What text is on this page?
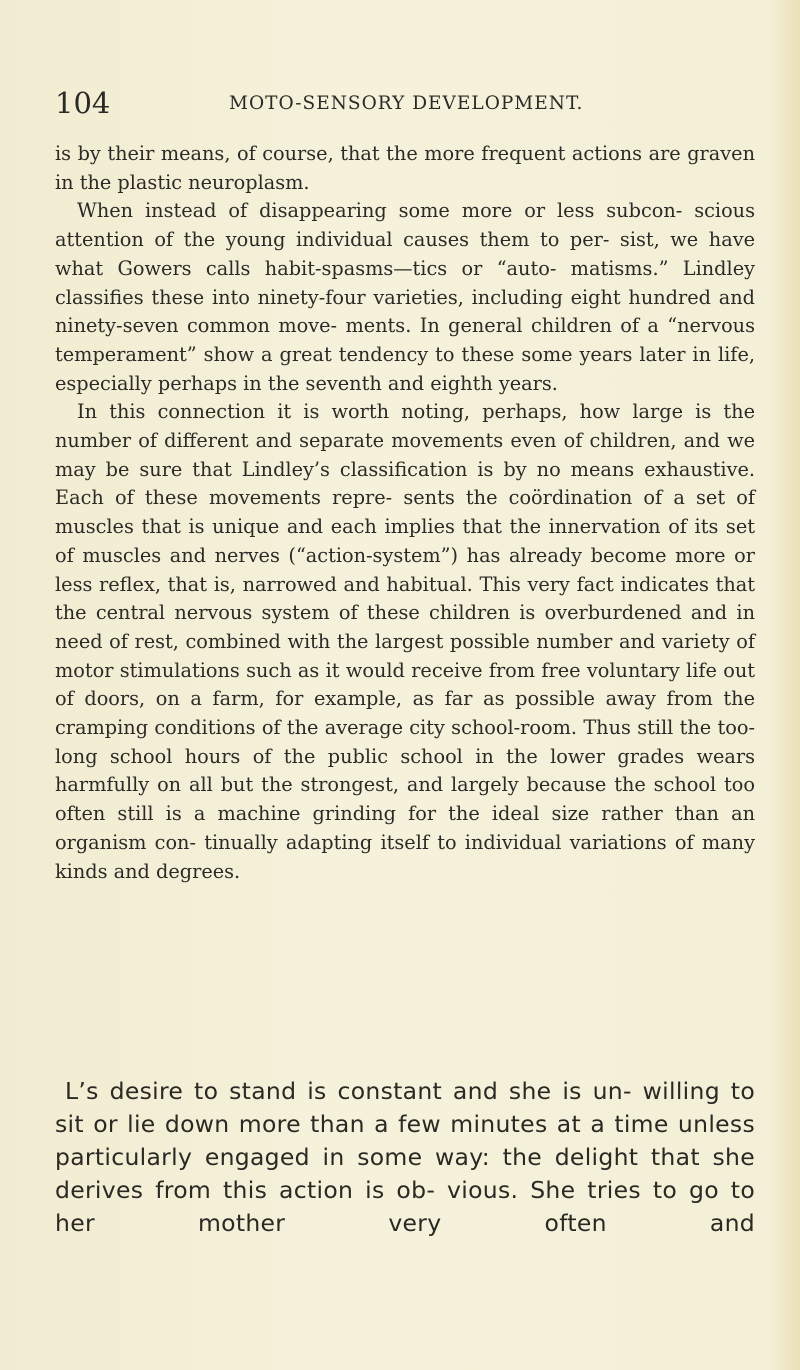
104	MOTO-SENSORY DEVELOPMENT.

is by their means, of course, that the more frequent actions are graven in the plastic neuroplasm.

When instead of disappearing some more or less subcon- scious attention of the young individual causes them to per- sist, we have what Gowers calls habit-spasms—tics or “auto- matisms.” Lindley classifies these into ninety-four varieties, including eight hundred and ninety-seven common move- ments. In general children of a “nervous temperament” show a great tendency to these some years later in life, especially perhaps in the seventh and eighth years.

In this connection it is worth noting, perhaps, how large is the number of different and separate movements even of children, and we may be sure that Lindley’s classification is by no means exhaustive. Each of these movements repre- sents the coördination of a set of muscles that is unique and each implies that the innervation of its set of muscles and nerves (“action-system”) has already become more or less reflex, that is, narrowed and habitual. This very fact indicates that the central nervous system of these children is overburdened and in need of rest, combined with the largest possible number and variety of motor stimulations such as it would receive from free voluntary life out of doors, on a farm, for example, as far as possible away from the cramping conditions of the average city school-room. Thus still the too-long school hours of the public school in the lower grades wears harmfully on all but the strongest, and largely because the school too often still is a machine grinding for the ideal size rather than an organism con- tinually adapting itself to individual variations of many kinds and degrees.

L’s desire to stand is constant and she is un- willing to sit or lie down more than a few minutes at a time unless particularly engaged in some way: the delight that she derives from this action is ob- vious. She tries to go to her mother very often and
